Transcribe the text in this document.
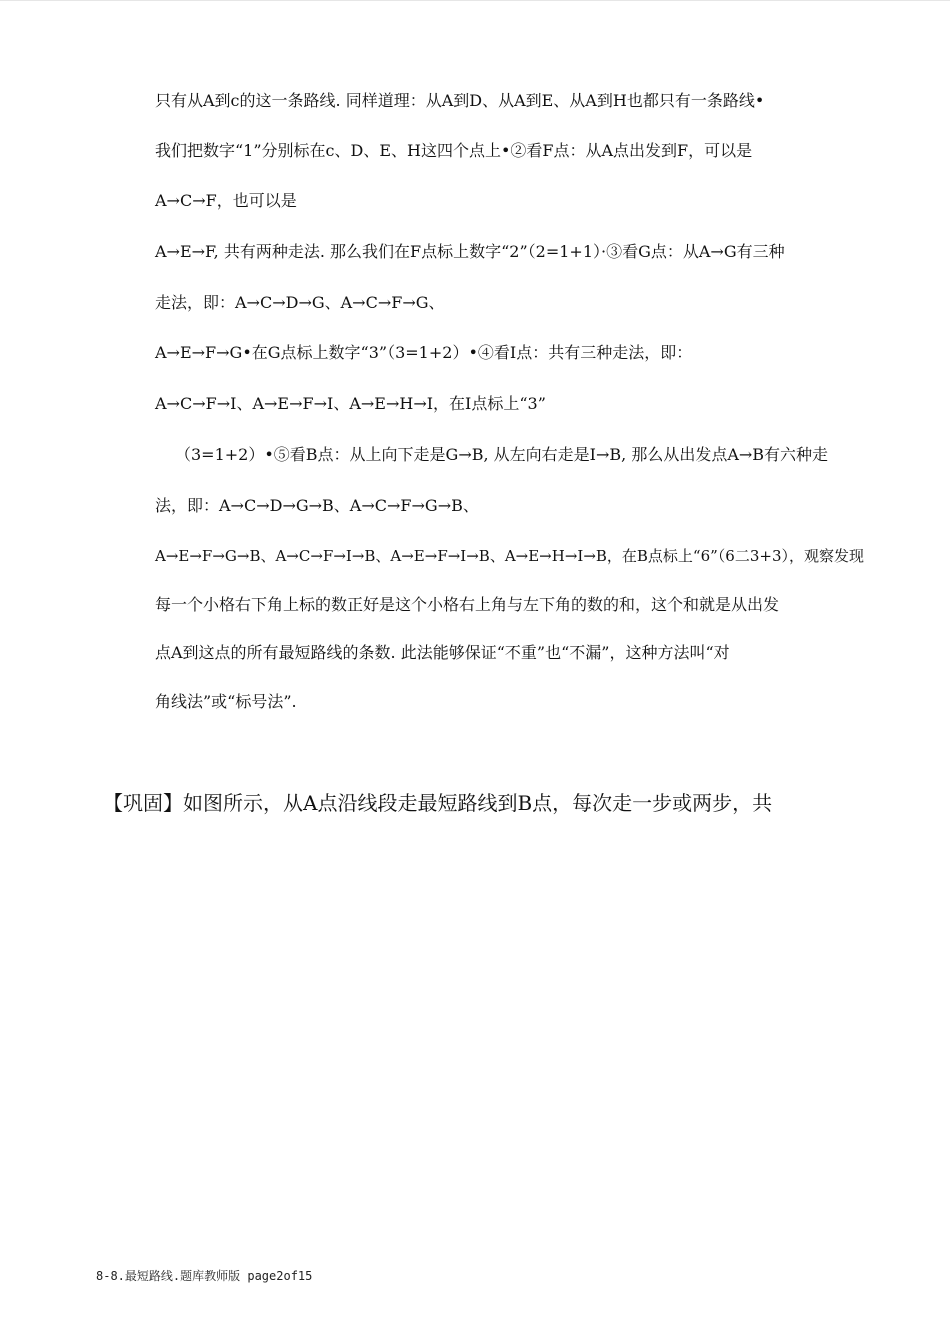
只有从A到c的这一条路线. 同样道理：从A到D、从A到E、从A到H也都只有一条路线•
我们把数字“1”分别标在c、D、E、H这四个点上•②看F点：从A点出发到F，可以是
A→C→F，也可以是
A→E→F, 共有两种走法. 那么我们在F点标上数字“2”（2=1+1）·③看G点：从A→G有三种
走法，即：A→C→D→G、A→C→F→G、
A→E→F→G•在G点标上数字“3”（3=1+2）•④看I点：共有三种走法，即：
A→C→F→I、A→E→F→I、A→E→H→I，在I点标上“3”
（3=1+2）•⑤看B点：从上向下走是G→B, 从左向右走是I→B, 那么从出发点A→B有六种走
法，即：A→C→D→G→B、A→C→F→G→B、
A→E→F→G→B、A→C→F→I→B、A→E→F→I→B、A→E→H→I→B，在B点标上“6”（6二3+3），观察发现
每一个小格右下角上标的数正好是这个小格右上角与左下角的数的和，这个和就是从出发
点A到这点的所有最短路线的条数. 此法能够保证“不重”也“不漏”，这种方法叫“对
角线法”或“标号法”.
【巩固】如图所示，从A点沿线段走最短路线到B点，每次走一步或两步，共
8-8.最短路线.题库教师版 page2of15
